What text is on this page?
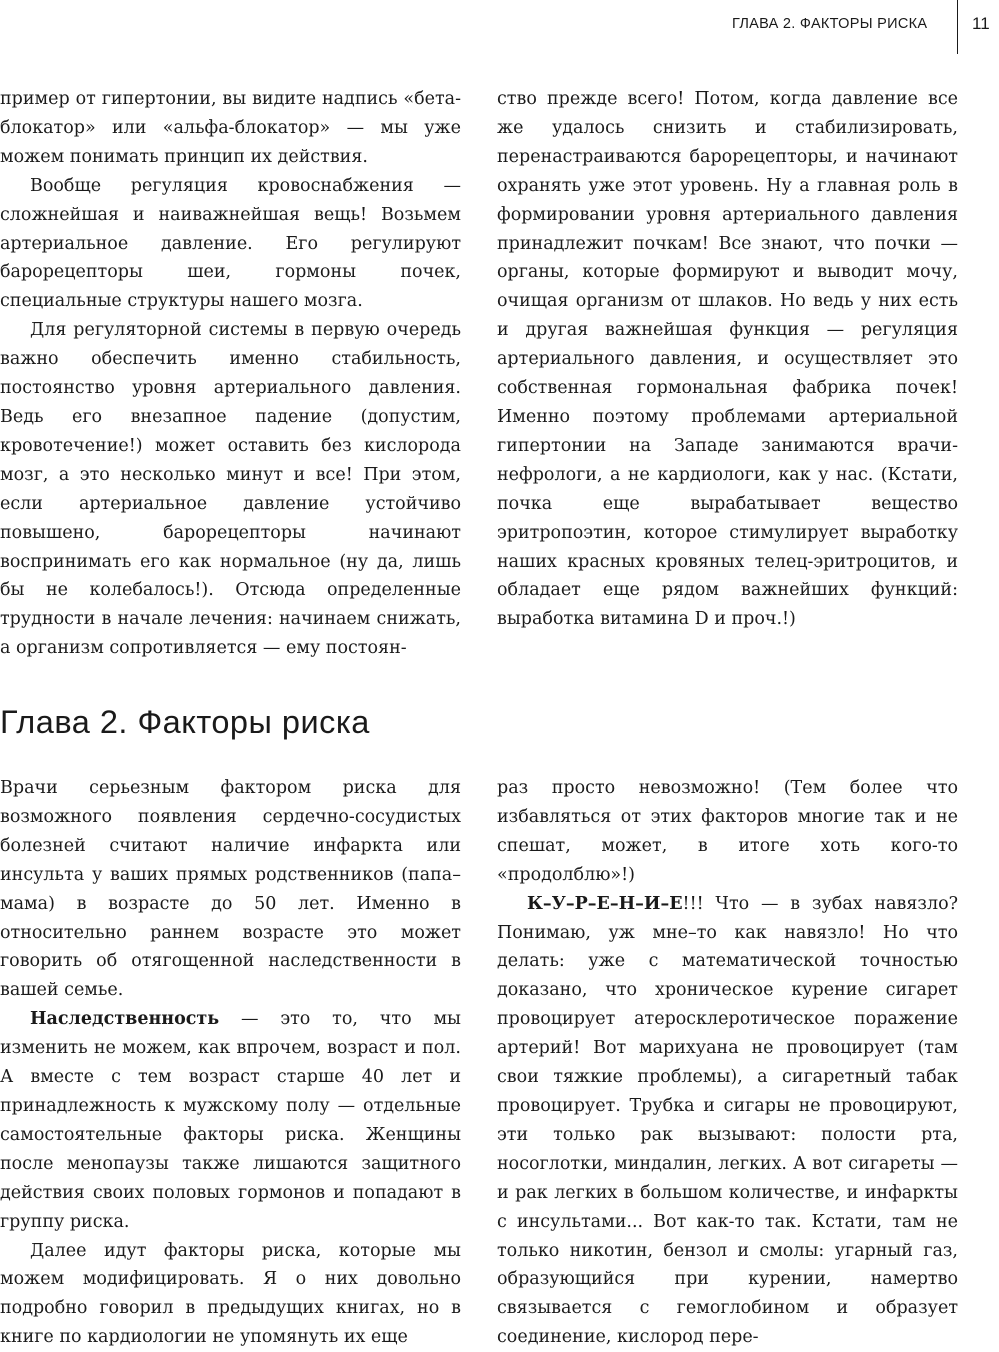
ГЛАВА 2. ФАКТОРЫ РИСКА	11

пример от гипертонии, вы видите надпись «бета-блокатор» или «альфа-блокатор» — мы уже можем понимать принцип их действия.

Вообще регуляция кровоснабжения — сложнейшая и наиважнейшая вещь! Возьмем артериальное давление. Его регулируют барорецепторы шеи, гормоны почек, специальные структуры нашего мозга.

Для регуляторной системы в первую очередь важно обеспечить именно стабильность, постоянство уровня артериального давления. Ведь его внезапное падение (допустим, кровотечение!) может оставить без кислорода мозг, а это несколько минут и все! При этом, если артериальное давление устойчиво повышено, барорецепторы начинают воспринимать его как нормальное (ну да, лишь бы не колебалось!). Отсюда определенные трудности в начале лечения: начинаем снижать, а организм сопротивляется — ему постоян-

ство прежде всего! Потом, когда давление все же удалось снизить и стабилизировать, перенастраиваются барорецепторы, и начинают охранять уже этот уровень. Ну а главная роль в формировании уровня артериального давления принадлежит почкам! Все знают, что почки — органы, которые формируют и выводит мочу, очищая организм от шлаков. Но ведь у них есть и другая важнейшая функция — регуляция артериального давления, и осуществляет это собственная гормональная фабрика почек! Именно поэтому проблемами артериальной гипертонии на Западе занимаются врачи-нефрологи, а не кардиологи, как у нас. (Кстати, почка еще вырабатывает вещество эритропоэтин, которое стимулирует выработку наших красных кровяных телец-эритроцитов, и обладает еще рядом важнейших функций: выработка витамина D и проч.!)

Глава 2. Факторы риска

Врачи серьезным фактором риска для возможного появления сердечно-сосудистых болезней считают наличие инфаркта или инсульта у ваших прямых родственников (папа–мама) в возрасте до 50 лет. Именно в относительно раннем возрасте это может говорить об отягощенной наследственности в вашей семье.

Наследственность — это то, что мы изменить не можем, как впрочем, возраст и пол. А вместе с тем возраст старше 40 лет и принадлежность к мужскому полу — отдельные самостоятельные факторы риска. Женщины после менопаузы также лишаются защитного действия своих половых гормонов и попадают в группу риска.

Далее идут факторы риска, которые мы можем модифицировать. Я о них довольно подробно говорил в предыдущих книгах, но в книге по кардиологии не упомянуть их еще

раз просто невозможно! (Тем более что избавляться от этих факторов многие так и не спешат, может, в итоге хоть кого-то «продолблю»!)

К–У–Р–Е–Н–И–Е!!! Что — в зубах навязло? Понимаю, уж мне–то как навязло! Но что делать: уже с математической точностью доказано, что хроническое курение сигарет провоцирует атеросклеротическое поражение артерий! Вот марихуана не провоцирует (там свои тяжкие проблемы), а сигаретный табак провоцирует. Трубка и сигары не провоцируют, эти только рак вызывают: полости рта, носоглотки, миндалин, легких. А вот сигареты — и рак легких в большом количестве, и инфаркты с инсультами... Вот как-то так. Кстати, там не только никотин, бензол и смолы: угарный газ, образующийся при курении, намертво связывается с гемоглобином и образует соединение, кислород пере-
